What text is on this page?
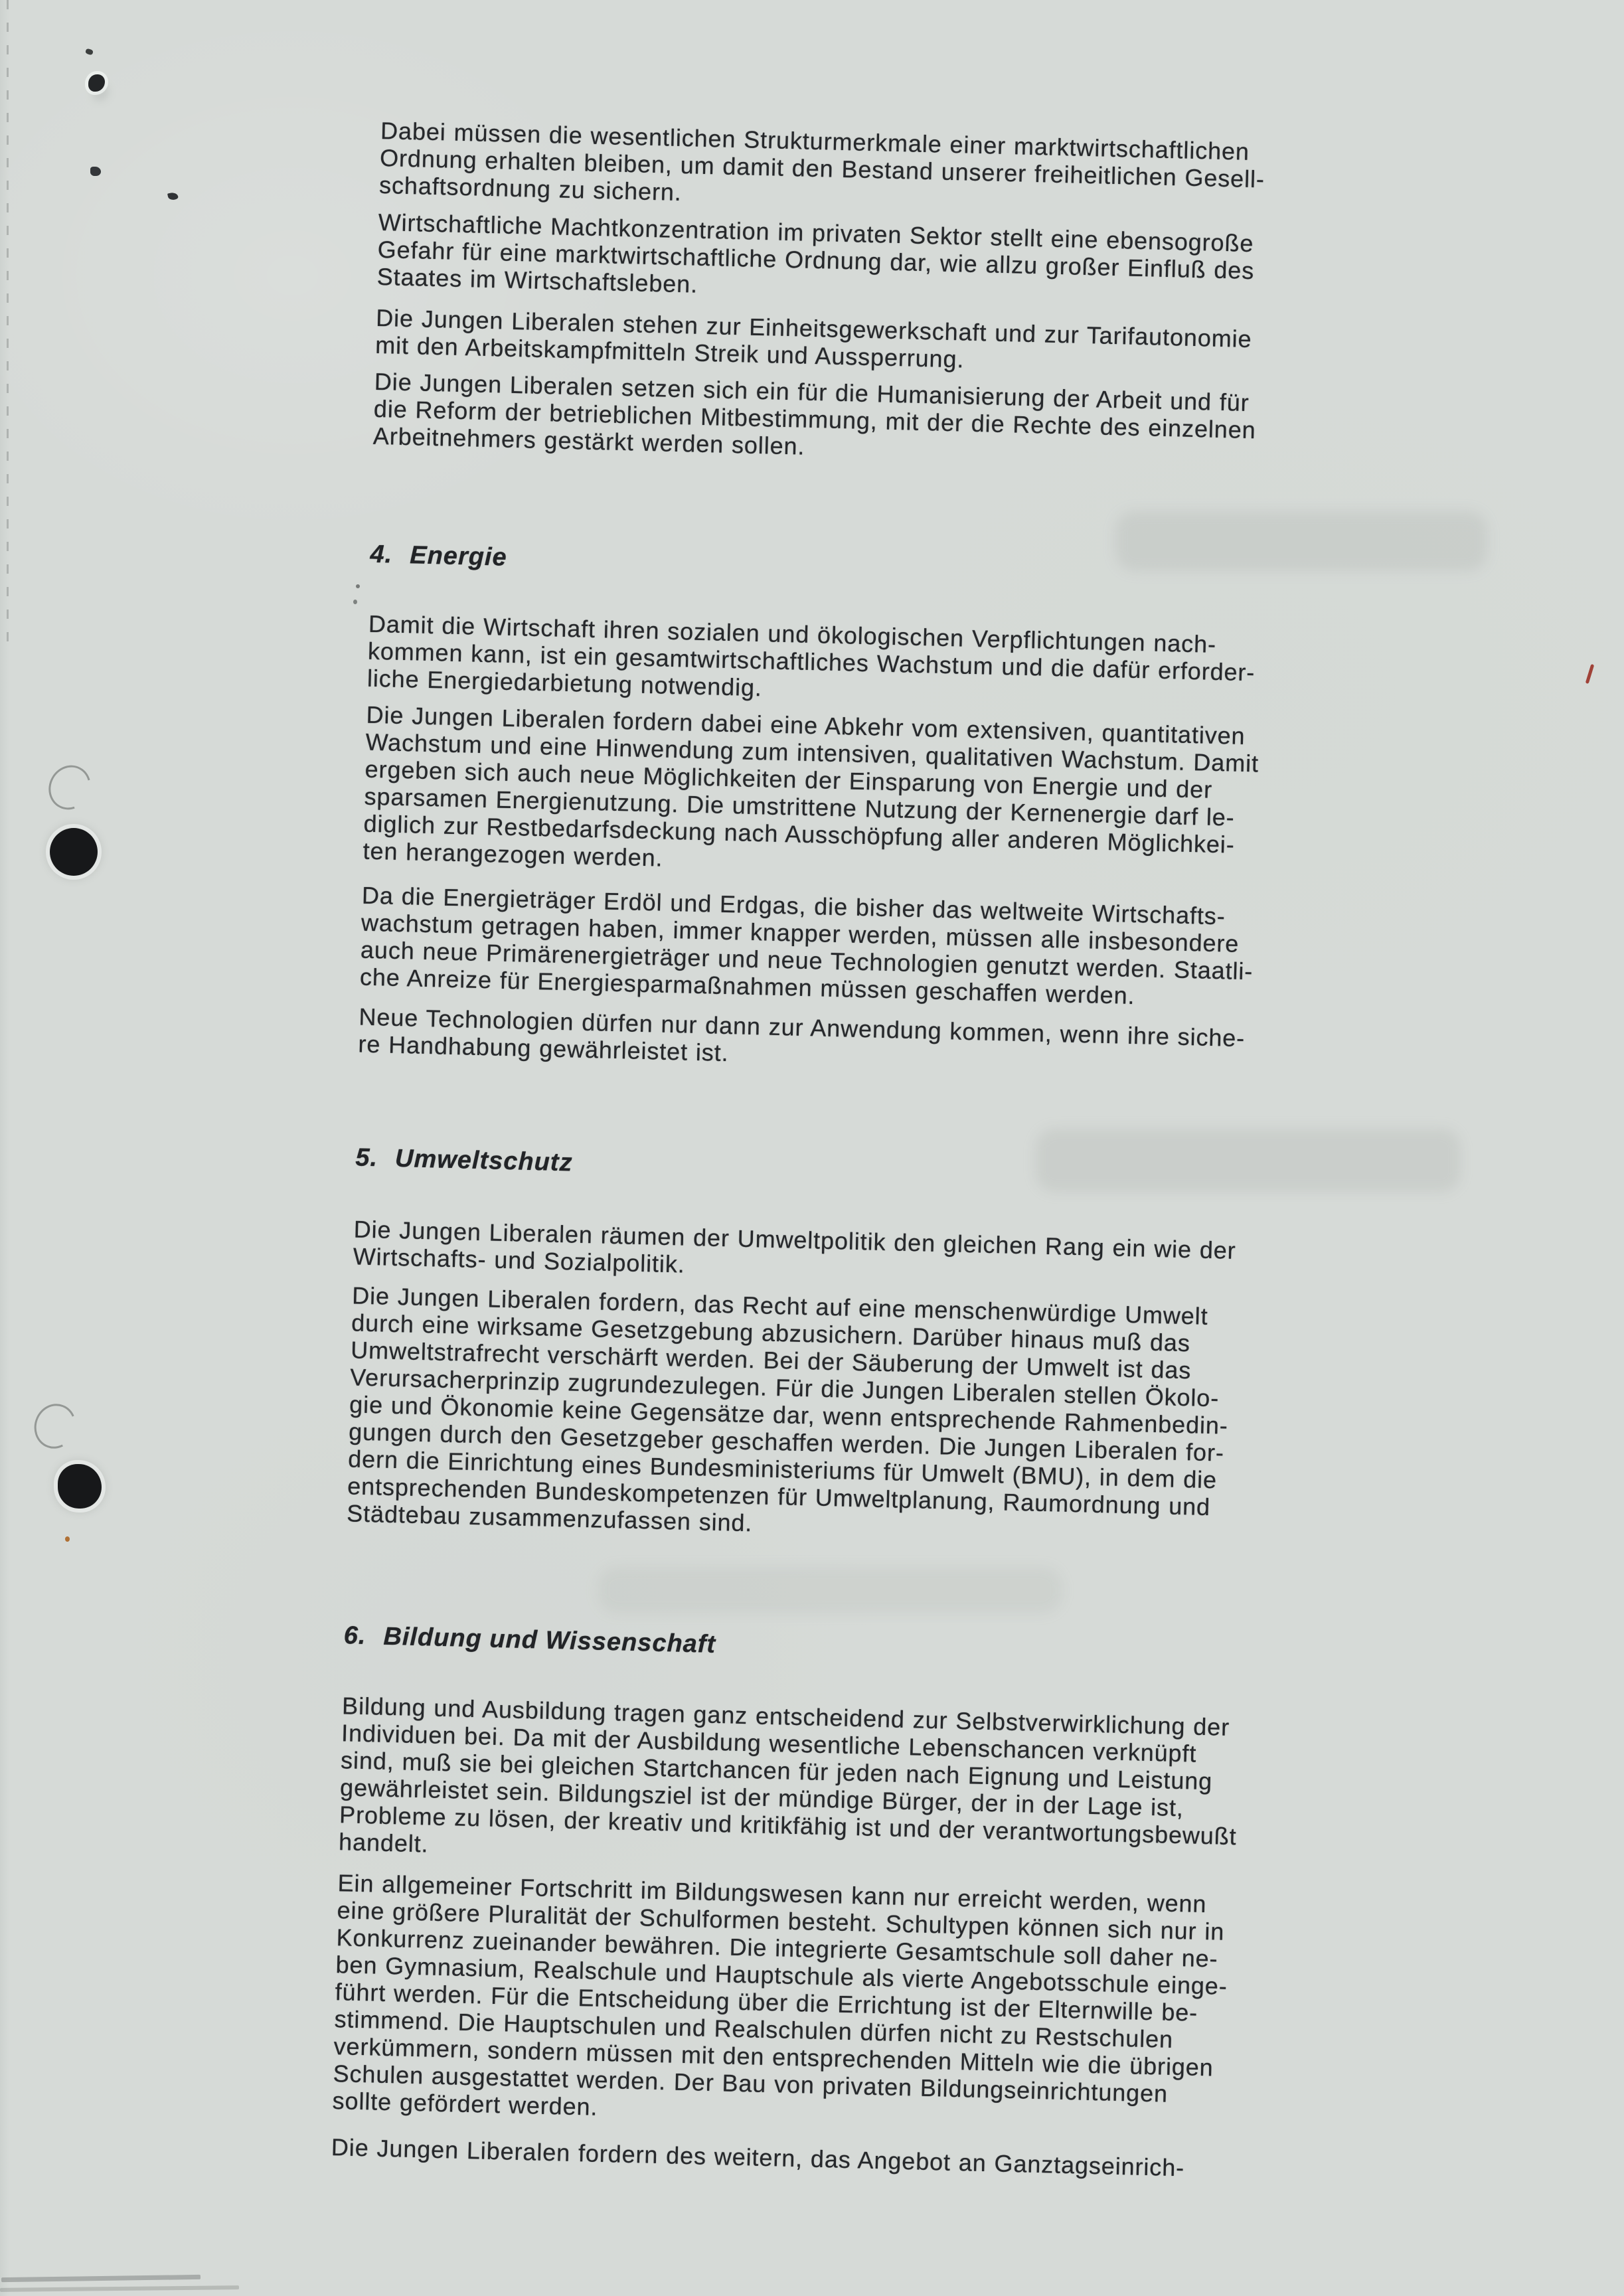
Dabei müssen die wesentlichen Strukturmerkmale einer marktwirtschaftlichen
Ordnung erhalten bleiben, um damit den Bestand unserer freiheitlichen Gesell-
schaftsordnung zu sichern.

Wirtschaftliche Machtkonzentration im privaten Sektor stellt eine ebensogroße
Gefahr für eine marktwirtschaftliche Ordnung dar, wie allzu großer Einfluß des
Staates im Wirtschaftsleben.

Die Jungen Liberalen stehen zur Einheitsgewerkschaft und zur Tarifautonomie
mit den Arbeitskampfmitteln Streik und Aussperrung.

Die Jungen Liberalen setzen sich ein für die Humanisierung der Arbeit und für
die Reform der betrieblichen Mitbestimmung, mit der die Rechte des einzelnen
Arbeitnehmers gestärkt werden sollen.

4. Energie

Damit die Wirtschaft ihren sozialen und ökologischen Verpflichtungen nach-
kommen kann, ist ein gesamtwirtschaftliches Wachstum und die dafür erforder-
liche Energiedarbietung notwendig.

Die Jungen Liberalen fordern dabei eine Abkehr vom extensiven, quantitativen
Wachstum und eine Hinwendung zum intensiven, qualitativen Wachstum. Damit
ergeben sich auch neue Möglichkeiten der Einsparung von Energie und der
sparsamen Energienutzung. Die umstrittene Nutzung der Kernenergie darf le-
diglich zur Restbedarfsdeckung nach Ausschöpfung aller anderen Möglichkei-
ten herangezogen werden.

Da die Energieträger Erdöl und Erdgas, die bisher das weltweite Wirtschafts-
wachstum getragen haben, immer knapper werden, müssen alle insbesondere
auch neue Primärenergieträger und neue Technologien genutzt werden. Staatli-
che Anreize für Energiesparmaßnahmen müssen geschaffen werden.

Neue Technologien dürfen nur dann zur Anwendung kommen, wenn ihre siche-
re Handhabung gewährleistet ist.

5. Umweltschutz

Die Jungen Liberalen räumen der Umweltpolitik den gleichen Rang ein wie der
Wirtschafts- und Sozialpolitik.

Die Jungen Liberalen fordern, das Recht auf eine menschenwürdige Umwelt
durch eine wirksame Gesetzgebung abzusichern. Darüber hinaus muß das
Umweltstrafrecht verschärft werden. Bei der Säuberung der Umwelt ist das
Verursacherprinzip zugrundezulegen. Für die Jungen Liberalen stellen Ökolo-
gie und Ökonomie keine Gegensätze dar, wenn entsprechende Rahmenbedin-
gungen durch den Gesetzgeber geschaffen werden. Die Jungen Liberalen for-
dern die Einrichtung eines Bundesministeriums für Umwelt (BMU), in dem die
entsprechenden Bundeskompetenzen für Umweltplanung, Raumordnung und
Städtebau zusammenzufassen sind.

6. Bildung und Wissenschaft

Bildung und Ausbildung tragen ganz entscheidend zur Selbstverwirklichung der
Individuen bei. Da mit der Ausbildung wesentliche Lebenschancen verknüpft
sind, muß sie bei gleichen Startchancen für jeden nach Eignung und Leistung
gewährleistet sein. Bildungsziel ist der mündige Bürger, der in der Lage ist,
Probleme zu lösen, der kreativ und kritikfähig ist und der verantwortungsbewußt
handelt.

Ein allgemeiner Fortschritt im Bildungswesen kann nur erreicht werden, wenn
eine größere Pluralität der Schulformen besteht. Schultypen können sich nur in
Konkurrenz zueinander bewähren. Die integrierte Gesamtschule soll daher ne-
ben Gymnasium, Realschule und Hauptschule als vierte Angebotsschule einge-
führt werden. Für die Entscheidung über die Errichtung ist der Elternwille be-
stimmend. Die Hauptschulen und Realschulen dürfen nicht zu Restschulen
verkümmern, sondern müssen mit den entsprechenden Mitteln wie die übrigen
Schulen ausgestattet werden. Der Bau von privaten Bildungseinrichtungen
sollte gefördert werden.

Die Jungen Liberalen fordern des weitern, das Angebot an Ganztagseinrich-
